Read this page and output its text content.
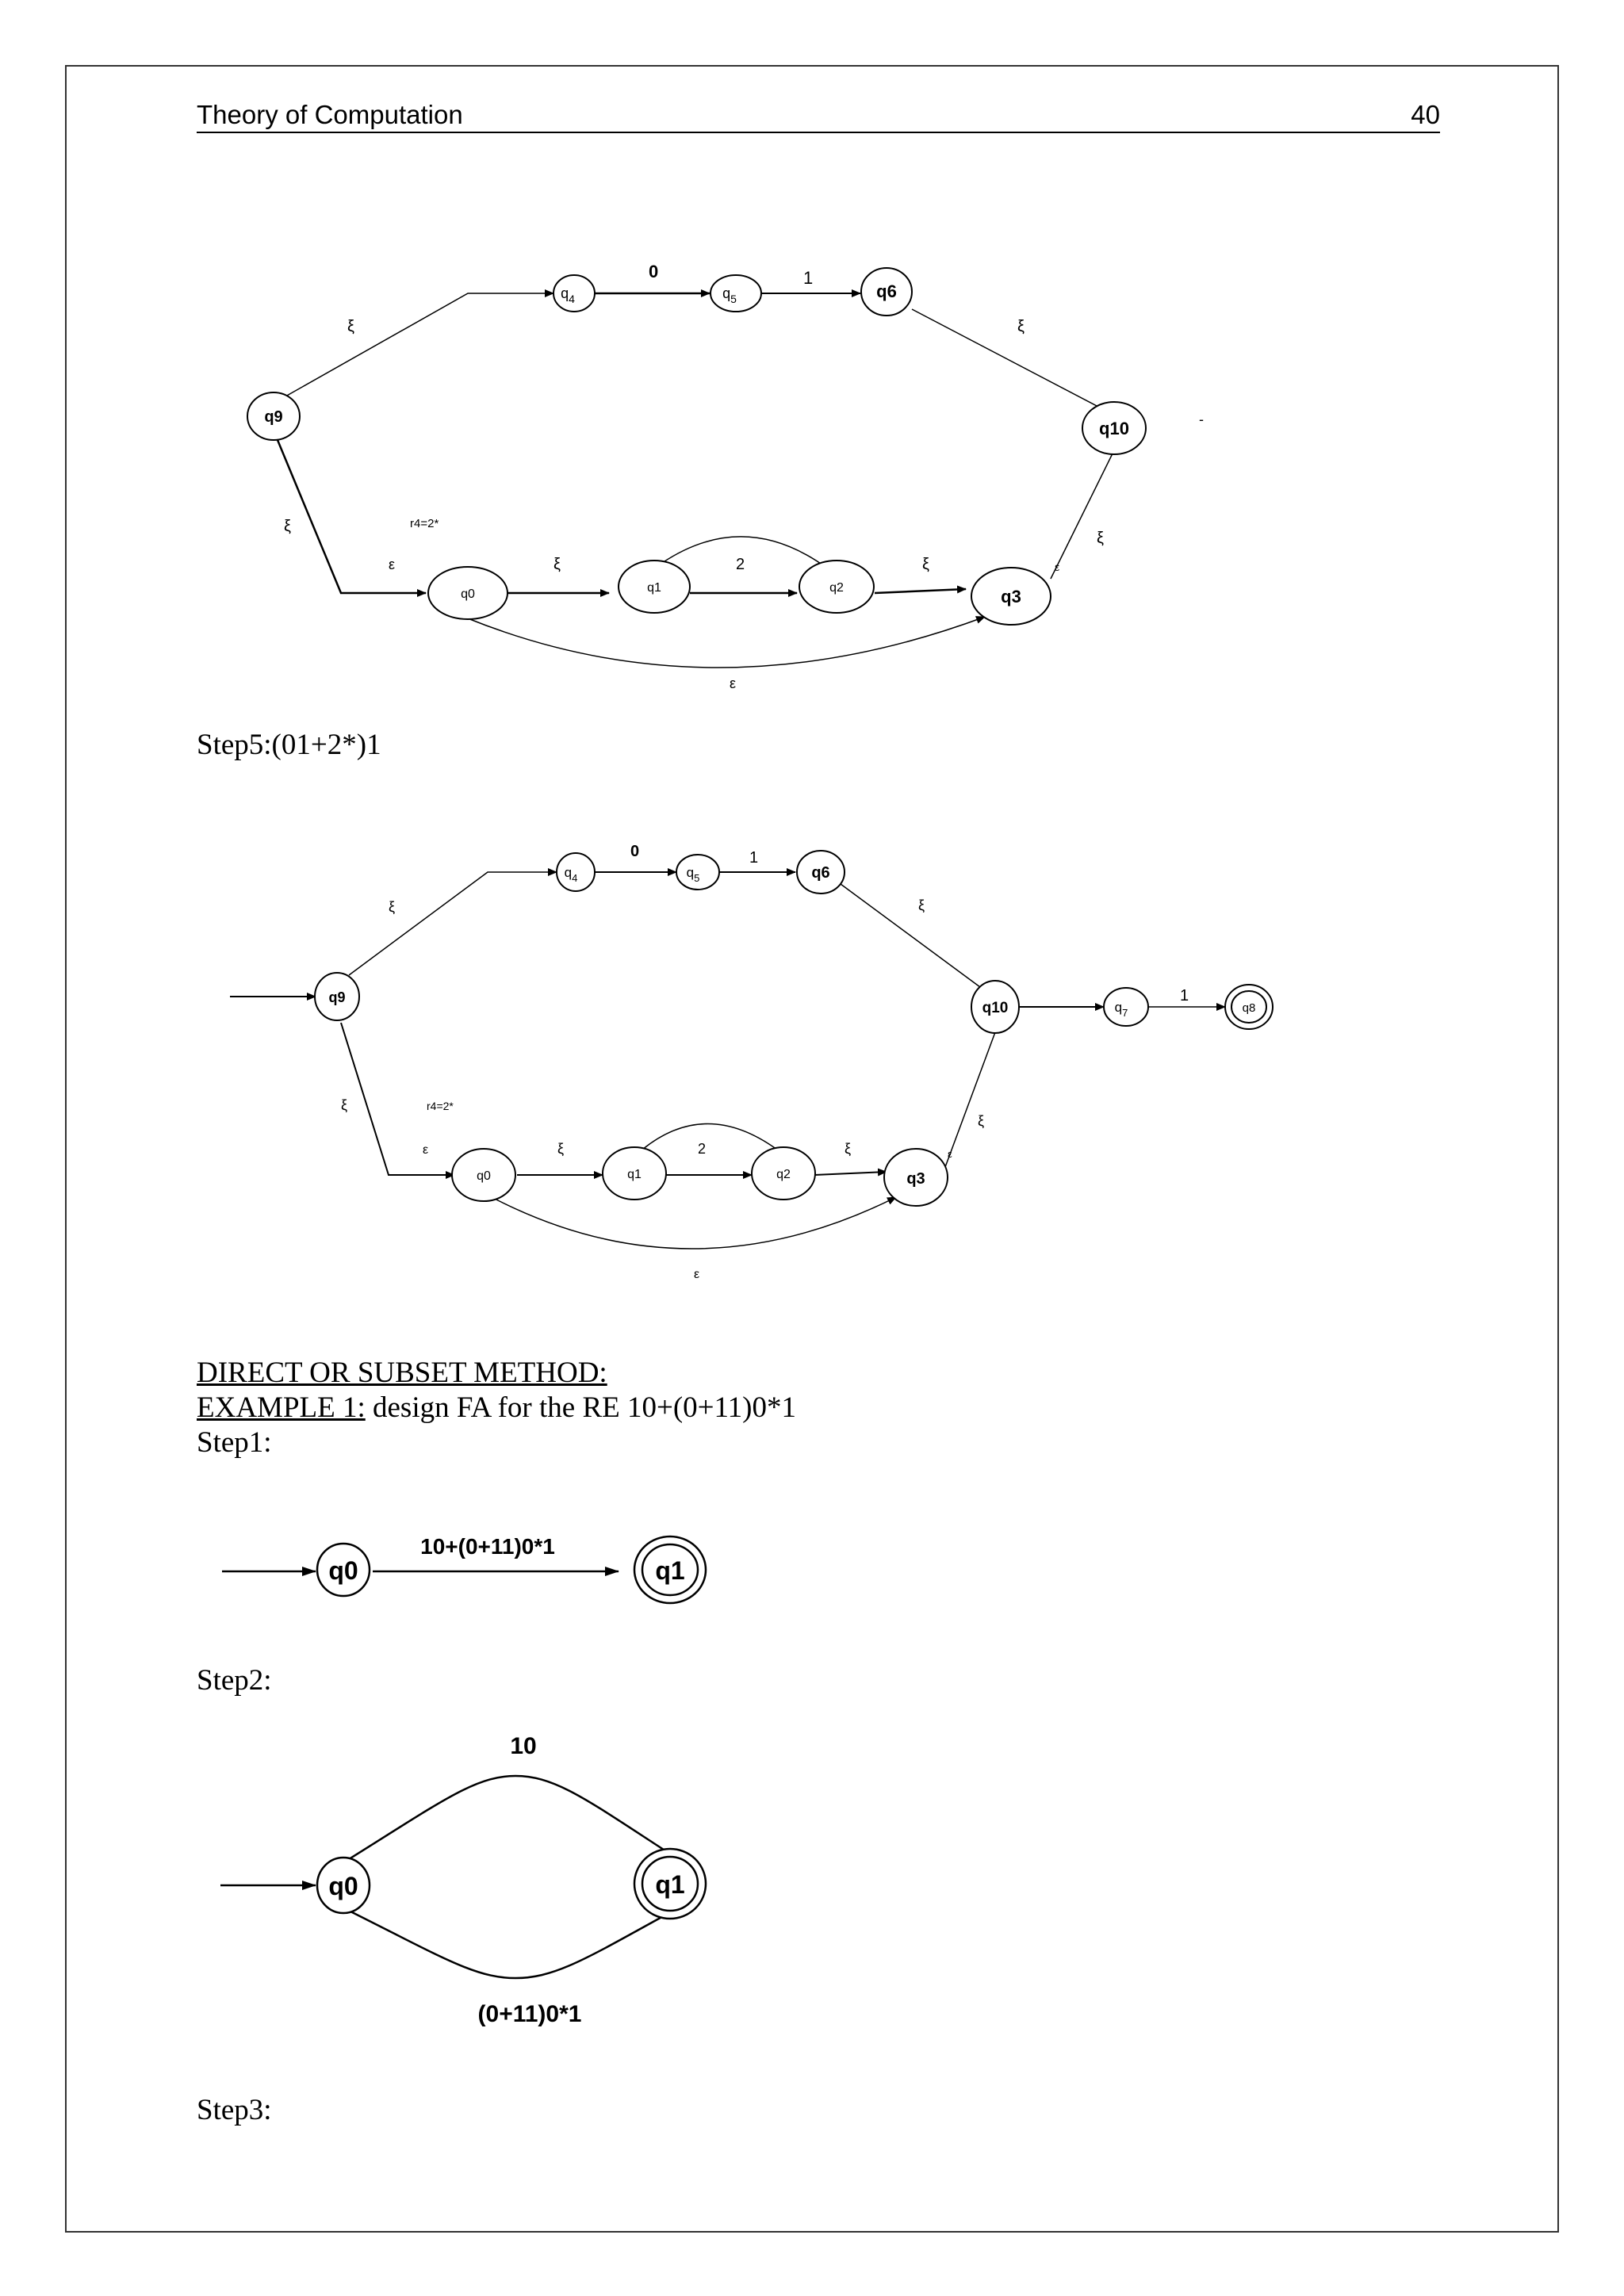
Theory of Computation	40
q9
$q_4$	$q_5$	q6
q10
q0	q1	q2	q3
ξ
0	1
ξ
ξ	r4=2*
ε	ξ	2	ξ	ε
ξ
ε
-
Step5:(01+2*)1
q9
$q_4$	$q_5$	q6
q10	$q_7$	q8
q0	q1	q2	q3
ξ
0	1
ξ
1
ξ	r4=2*
ε	ξ	2	ξ	ε
ξ
ε
DIRECT OR SUBSET METHOD:
EXAMPLE 1: design FA for the RE 10+(0+11)0*1
Step1:
q0	q1
10+(0+11)0*1
Step2:
q0	q1
10
(0+11)0*1
Step3:
